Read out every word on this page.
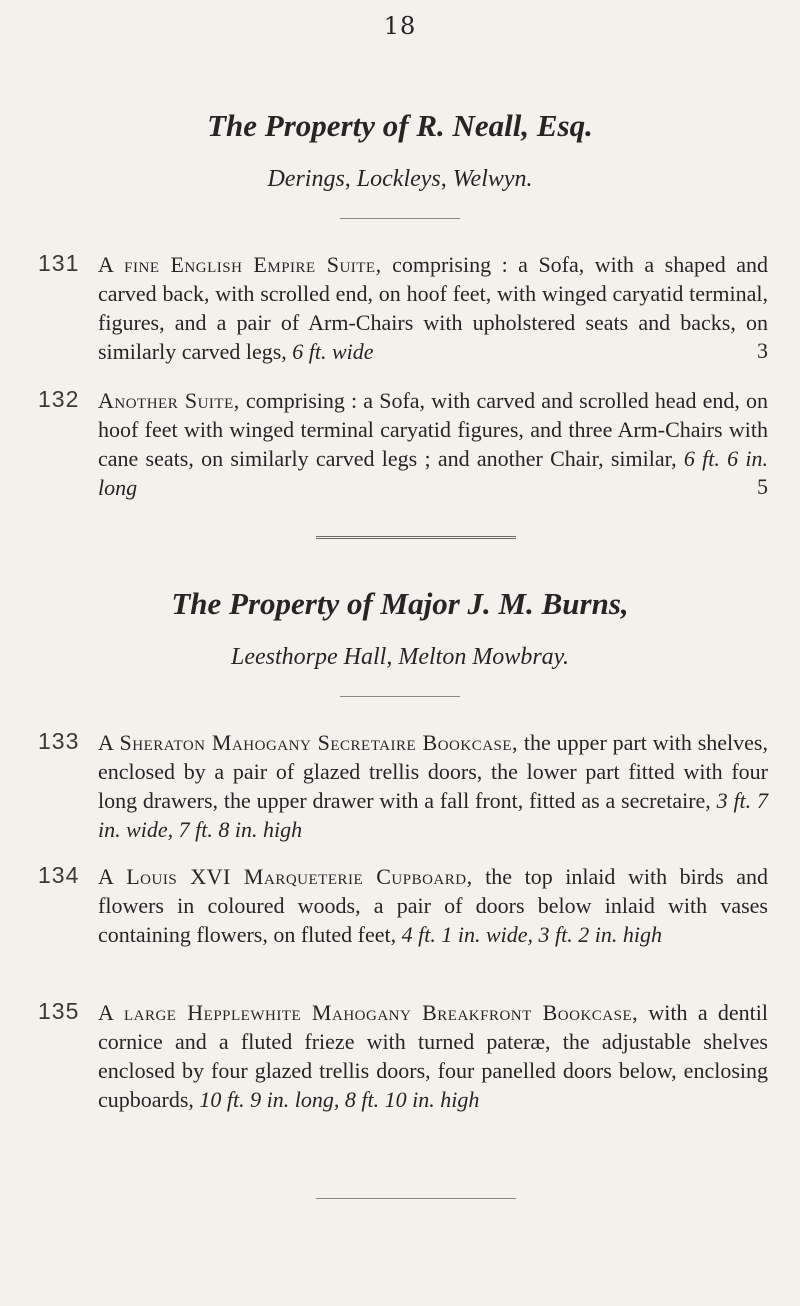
18
The Property of R. Neall, Esq.
Derings, Lockleys, Welwyn.
131 A fine English Empire Suite, comprising : a Sofa, with a shaped and carved back, with scrolled end, on hoof feet, with winged caryatid terminal, figures, and a pair of Arm-Chairs with upholstered seats and backs, on similarly carved legs, 6 ft. wide	3
132 Another Suite, comprising : a Sofa, with carved and scrolled head end, on hoof feet with winged terminal caryatid figures, and three Arm-Chairs with cane seats, on similarly carved legs ; and another Chair, similar, 6 ft. 6 in. long	5
The Property of Major J. M. Burns,
Leesthorpe Hall, Melton Mowbray.
133 A Sheraton Mahogany Secretaire Bookcase, the upper part with shelves, enclosed by a pair of glazed trellis doors, the lower part fitted with four long drawers, the upper drawer with a fall front, fitted as a secretaire, 3 ft. 7 in. wide, 7 ft. 8 in. high
134 A Louis XVI Marqueterie Cupboard, the top inlaid with birds and flowers in coloured woods, a pair of doors below inlaid with vases containing flowers, on fluted feet, 4 ft. 1 in. wide, 3 ft. 2 in. high
135 A large Hepplewhite Mahogany Breakfront Bookcase, with a dentil cornice and a fluted frieze with turned pateræ, the adjustable shelves enclosed by four glazed trellis doors, four panelled doors below, enclosing cupboards, 10 ft. 9 in. long, 8 ft. 10 in. high
